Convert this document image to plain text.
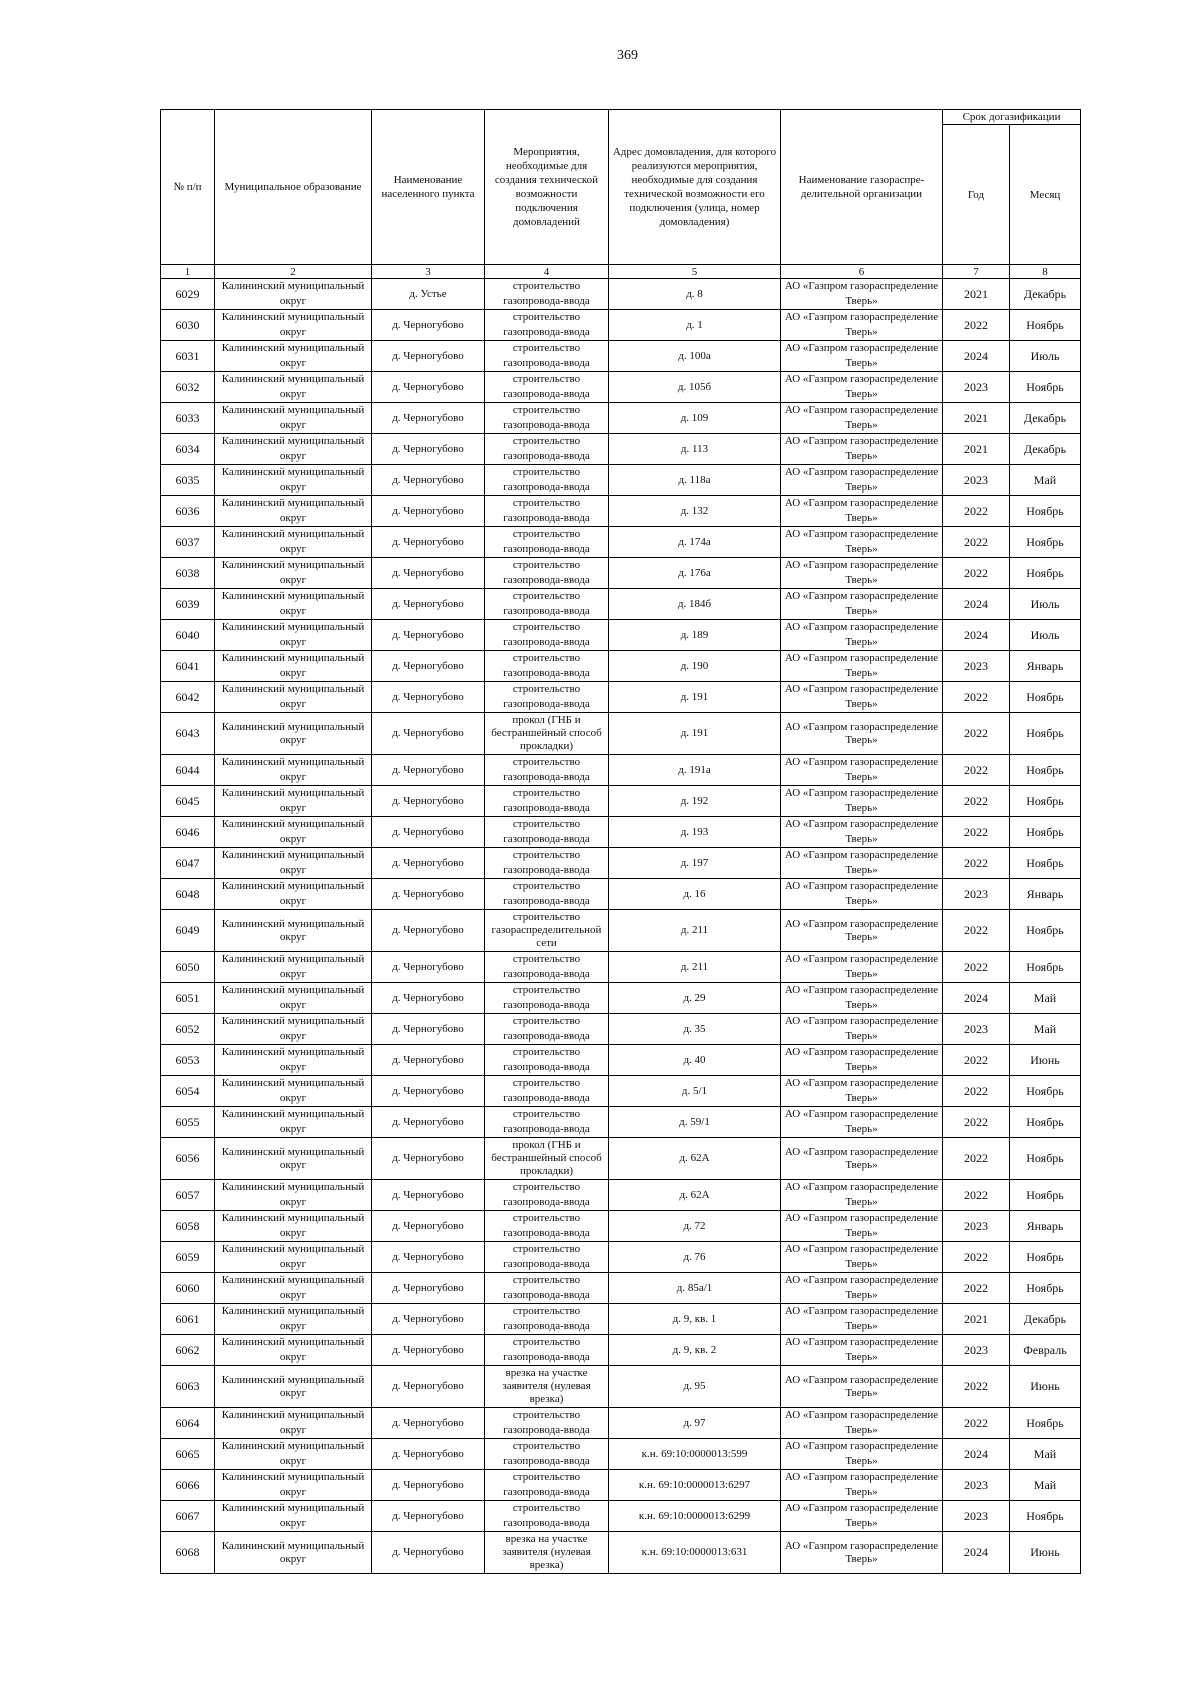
369
№ п/п	Муниципальное образование	Наименование населенного пункта	Мероприятия, необходимые для создания технической возможности подключения домовладений	Адрес домовладения, для которого реализуются мероприятия, необходимые для создания технической возможности его подключения (улица, номер домовладения)	Наименование газораспре-делительной организации	Срок догазификации	
						Год	Месяц
1	2	3	4	5	6	7	8
6029	Калининский муниципальный округ	д. Устье	строительство газопровода-ввода	д. 8	АО «Газпром газораспределение Тверь»	2021	Декабрь
6030	Калининский муниципальный округ	д. Черногубово	строительство газопровода-ввода	д. 1	АО «Газпром газораспределение Тверь»	2022	Ноябрь
6031	Калининский муниципальный округ	д. Черногубово	строительство газопровода-ввода	д. 100а	АО «Газпром газораспределение Тверь»	2024	Июль
6032	Калининский муниципальный округ	д. Черногубово	строительство газопровода-ввода	д. 105б	АО «Газпром газораспределение Тверь»	2023	Ноябрь
6033	Калининский муниципальный округ	д. Черногубово	строительство газопровода-ввода	д. 109	АО «Газпром газораспределение Тверь»	2021	Декабрь
6034	Калининский муниципальный округ	д. Черногубово	строительство газопровода-ввода	д. 113	АО «Газпром газораспределение Тверь»	2021	Декабрь
6035	Калининский муниципальный округ	д. Черногубово	строительство газопровода-ввода	д. 118а	АО «Газпром газораспределение Тверь»	2023	Май
6036	Калининский муниципальный округ	д. Черногубово	строительство газопровода-ввода	д. 132	АО «Газпром газораспределение Тверь»	2022	Ноябрь
6037	Калининский муниципальный округ	д. Черногубово	строительство газопровода-ввода	д. 174а	АО «Газпром газораспределение Тверь»	2022	Ноябрь
6038	Калининский муниципальный округ	д. Черногубово	строительство газопровода-ввода	д. 176а	АО «Газпром газораспределение Тверь»	2022	Ноябрь
6039	Калининский муниципальный округ	д. Черногубово	строительство газопровода-ввода	д. 184б	АО «Газпром газораспределение Тверь»	2024	Июль
6040	Калининский муниципальный округ	д. Черногубово	строительство газопровода-ввода	д. 189	АО «Газпром газораспределение Тверь»	2024	Июль
6041	Калининский муниципальный округ	д. Черногубово	строительство газопровода-ввода	д. 190	АО «Газпром газораспределение Тверь»	2023	Январь
6042	Калининский муниципальный округ	д. Черногубово	строительство газопровода-ввода	д. 191	АО «Газпром газораспределение Тверь»	2022	Ноябрь
6043	Калининский муниципальный округ	д. Черногубово	прокол (ГНБ и бестраншейный способ прокладки)	д. 191	АО «Газпром газораспределение Тверь»	2022	Ноябрь
6044	Калининский муниципальный округ	д. Черногубово	строительство газопровода-ввода	д. 191а	АО «Газпром газораспределение Тверь»	2022	Ноябрь
6045	Калининский муниципальный округ	д. Черногубово	строительство газопровода-ввода	д. 192	АО «Газпром газораспределение Тверь»	2022	Ноябрь
6046	Калининский муниципальный округ	д. Черногубово	строительство газопровода-ввода	д. 193	АО «Газпром газораспределение Тверь»	2022	Ноябрь
6047	Калининский муниципальный округ	д. Черногубово	строительство газопровода-ввода	д. 197	АО «Газпром газораспределение Тверь»	2022	Ноябрь
6048	Калининский муниципальный округ	д. Черногубово	строительство газопровода-ввода	д. 16	АО «Газпром газораспределение Тверь»	2023	Январь
6049	Калининский муниципальный округ	д. Черногубово	строительство газораспределительной сети	д. 211	АО «Газпром газораспределение Тверь»	2022	Ноябрь
6050	Калининский муниципальный округ	д. Черногубово	строительство газопровода-ввода	д. 211	АО «Газпром газораспределение Тверь»	2022	Ноябрь
6051	Калининский муниципальный округ	д. Черногубово	строительство газопровода-ввода	д. 29	АО «Газпром газораспределение Тверь»	2024	Май
6052	Калининский муниципальный округ	д. Черногубово	строительство газопровода-ввода	д. 35	АО «Газпром газораспределение Тверь»	2023	Май
6053	Калининский муниципальный округ	д. Черногубово	строительство газопровода-ввода	д. 40	АО «Газпром газораспределение Тверь»	2022	Июнь
6054	Калининский муниципальный округ	д. Черногубово	строительство газопровода-ввода	д. 5/1	АО «Газпром газораспределение Тверь»	2022	Ноябрь
6055	Калининский муниципальный округ	д. Черногубово	строительство газопровода-ввода	д. 59/1	АО «Газпром газораспределение Тверь»	2022	Ноябрь
6056	Калининский муниципальный округ	д. Черногубово	прокол (ГНБ и бестраншейный способ прокладки)	д. 62А	АО «Газпром газораспределение Тверь»	2022	Ноябрь
6057	Калининский муниципальный округ	д. Черногубово	строительство газопровода-ввода	д. 62А	АО «Газпром газораспределение Тверь»	2022	Ноябрь
6058	Калининский муниципальный округ	д. Черногубово	строительство газопровода-ввода	д. 72	АО «Газпром газораспределение Тверь»	2023	Январь
6059	Калининский муниципальный округ	д. Черногубово	строительство газопровода-ввода	д. 76	АО «Газпром газораспределение Тверь»	2022	Ноябрь
6060	Калининский муниципальный округ	д. Черногубово	строительство газопровода-ввода	д. 85а/1	АО «Газпром газораспределение Тверь»	2022	Ноябрь
6061	Калининский муниципальный округ	д. Черногубово	строительство газопровода-ввода	д. 9, кв. 1	АО «Газпром газораспределение Тверь»	2021	Декабрь
6062	Калининский муниципальный округ	д. Черногубово	строительство газопровода-ввода	д. 9, кв. 2	АО «Газпром газораспределение Тверь»	2023	Февраль
6063	Калининский муниципальный округ	д. Черногубово	врезка на участке заявителя (нулевая врезка)	д. 95	АО «Газпром газораспределение Тверь»	2022	Июнь
6064	Калининский муниципальный округ	д. Черногубово	строительство газопровода-ввода	д. 97	АО «Газпром газораспределение Тверь»	2022	Ноябрь
6065	Калининский муниципальный округ	д. Черногубово	строительство газопровода-ввода	к.н. 69:10:0000013:599	АО «Газпром газораспределение Тверь»	2024	Май
6066	Калининский муниципальный округ	д. Черногубово	строительство газопровода-ввода	к.н. 69:10:0000013:6297	АО «Газпром газораспределение Тверь»	2023	Май
6067	Калининский муниципальный округ	д. Черногубово	строительство газопровода-ввода	к.н. 69:10:0000013:6299	АО «Газпром газораспределение Тверь»	2023	Ноябрь
6068	Калининский муниципальный округ	д. Черногубово	врезка на участке заявителя (нулевая врезка)	к.н. 69:10:0000013:631	АО «Газпром газораспределение Тверь»	2024	Июнь
